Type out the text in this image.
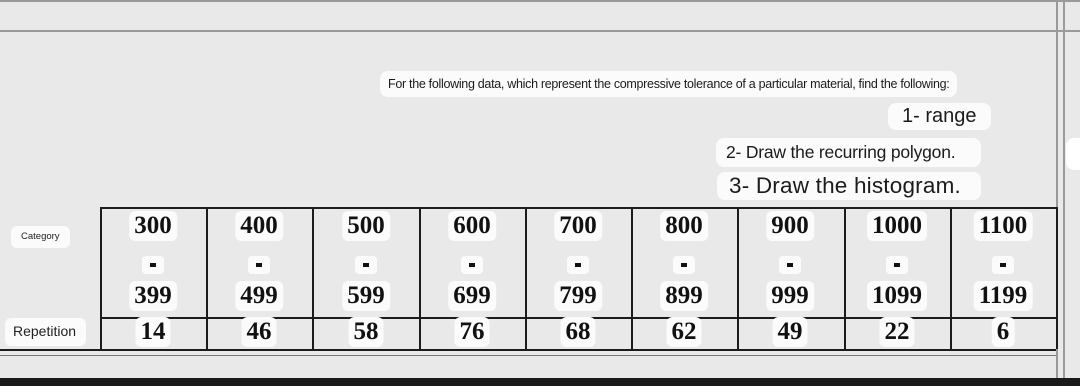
For the following data, which represent the compressive tolerance of a particular material, find the following:
1- range
2- Draw the recurring polygon.
3- Draw the histogram.
Category
Repetition
300
399
14
400
499
46
500
599
58
600
699
76
700
799
68
800
899
62
900
999
49
1000
1099
22
1100
1199
6
